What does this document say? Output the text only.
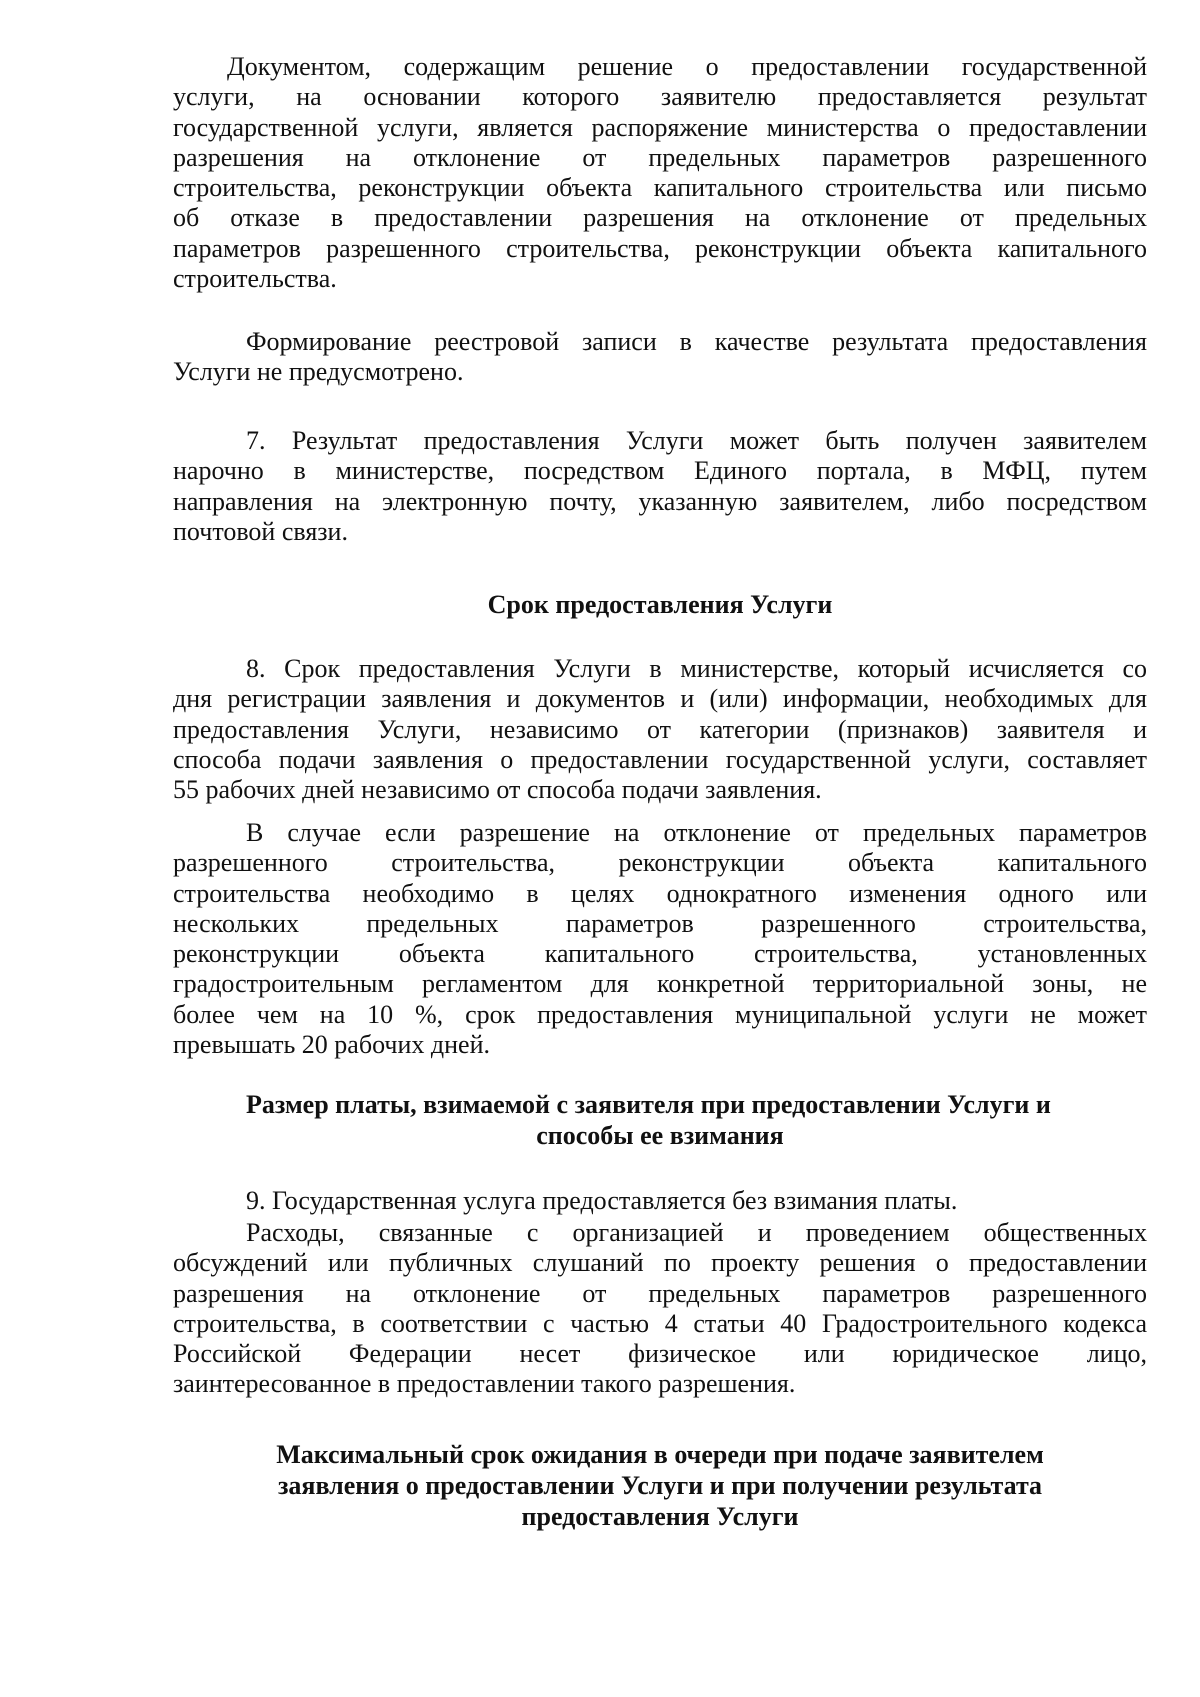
Документом, содержащим решение о предоставлении государственной

услуги, на основании которого заявителю предоставляется результат

государственной услуги, является распоряжение министерства о предоставлении

разрешения на отклонение от предельных параметров разрешенного

строительства, реконструкции объекта капитального строительства или письмо

об отказе в предоставлении разрешения на отклонение от предельных

параметров разрешенного строительства, реконструкции объекта капитального

строительства.

Формирование реестровой записи в качестве результата предоставления

Услуги не предусмотрено.

7. Результат предоставления Услуги может быть получен заявителем

нарочно в министерстве, посредством Единого портала, в МФЦ, путем

направления на электронную почту, указанную заявителем, либо посредством

почтовой связи.

Срок предоставления Услуги

8. Срок предоставления Услуги в министерстве, который исчисляется со

дня регистрации заявления и документов и (или) информации, необходимых для

предоставления Услуги, независимо от категории (признаков) заявителя и

способа подачи заявления о предоставлении государственной услуги, составляет

55 рабочих дней независимо от способа подачи заявления.

В случае если разрешение на отклонение от предельных параметров

разрешенного строительства, реконструкции объекта капитального

строительства необходимо в целях однократного изменения одного или

нескольких предельных параметров разрешенного строительства,

реконструкции объекта капитального строительства, установленных

градостроительным регламентом для конкретной территориальной зоны, не

более чем на 10 %, срок предоставления муниципальной услуги не может

превышать 20 рабочих дней.

Размер платы, взимаемой с заявителя при предоставлении Услуги и

способы ее взимания

9. Государственная услуга предоставляется без взимания платы.

Расходы, связанные с организацией и проведением общественных

обсуждений или публичных слушаний по проекту решения о предоставлении

разрешения на отклонение от предельных параметров разрешенного

строительства, в соответствии с частью 4 статьи 40 Градостроительного кодекса

Российской Федерации несет физическое или юридическое лицо,

заинтересованное в предоставлении такого разрешения.

Максимальный срок ожидания в очереди при подаче заявителем

заявления о предоставлении Услуги и при получении результата

предоставления Услуги
